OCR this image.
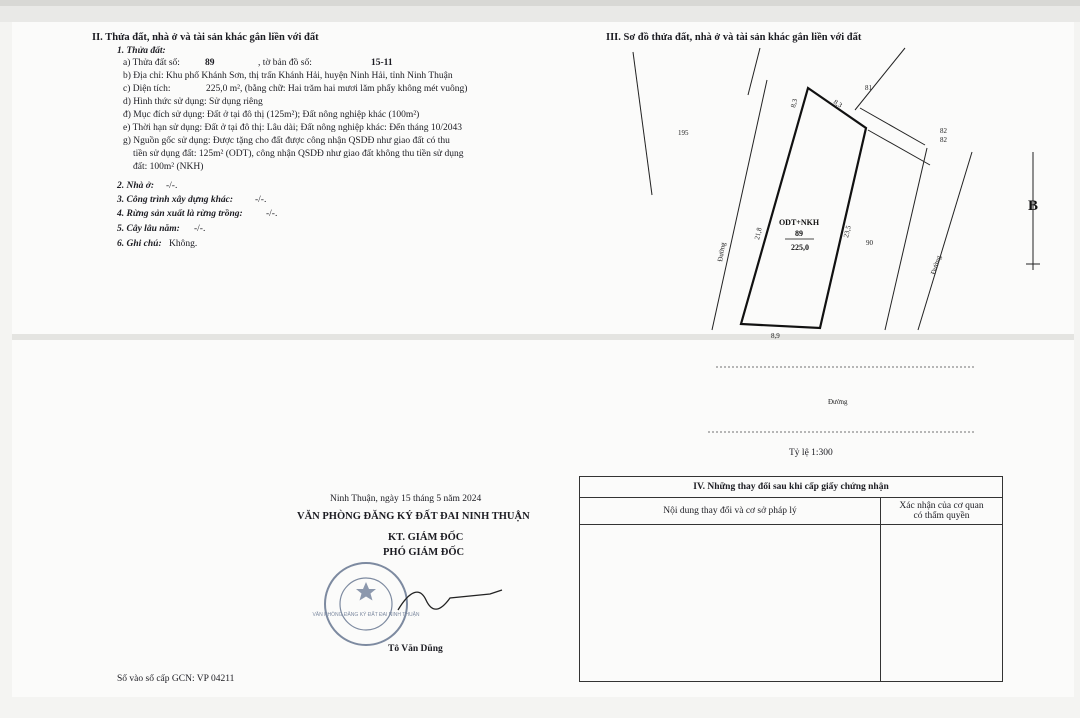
II. Thửa đất, nhà ở và tài sản khác gắn liền với đất
1. Thửa đất:
a) Thửa đất số:	89	, tờ bản đồ số:	15-11
b) Địa chỉ: Khu phố Khánh Sơn, thị trấn Khánh Hải, huyện Ninh Hải, tỉnh Ninh Thuận
c) Diện tích:	225,0 m², (bằng chữ: Hai trăm hai mươi lăm phẩy không mét vuông)
d) Hình thức sử dụng: Sử dụng riêng
đ) Mục đích sử dụng: Đất ở tại đô thị (125m²); Đất nông nghiệp khác (100m²)
e) Thời hạn sử dụng: Đất ở tại đô thị: Lâu dài; Đất nông nghiệp khác: Đến tháng 10/2043
g) Nguồn gốc sử dụng: Được tặng cho đất được công nhận QSDĐ như giao đất có thu
tiền sử dụng đất: 125m² (ODT), công nhận QSDĐ như giao đất không thu tiền sử dụng
đất: 100m² (NKH)
2. Nhà ở: -/-.
3. Công trình xây dựng khác: -/-.
4. Rừng sản xuất là rừng trồng: -/-.
5. Cây lâu năm: -/-.
6. Ghi chú: Không.
III. Sơ đồ thửa đất, nhà ở và tài sản khác gắn liền với đất
195
81
82
82
90
8,3	8,3
21,8	23,5
8,9
Đường
Đường
Đường
ODT+NKH
89
225,0
B
Tỷ lệ 1:300
Ninh Thuận, ngày 15 tháng 5 năm 2024
VĂN PHÒNG ĐĂNG KÝ ĐẤT ĐAI NINH THUẬN
KT. GIÁM ĐỐC
PHÓ GIÁM ĐỐC
VĂN PHÒNG ĐĂNG KÝ ĐẤT ĐAI NINH THUẬN
Tô Văn Dũng
Số vào sổ cấp GCN: VP 04211
IV. Những thay đổi sau khi cấp giấy chứng nhận	
Nội dung thay đổi và cơ sở pháp lý	Xác nhận của cơ quan
có thẩm quyền
